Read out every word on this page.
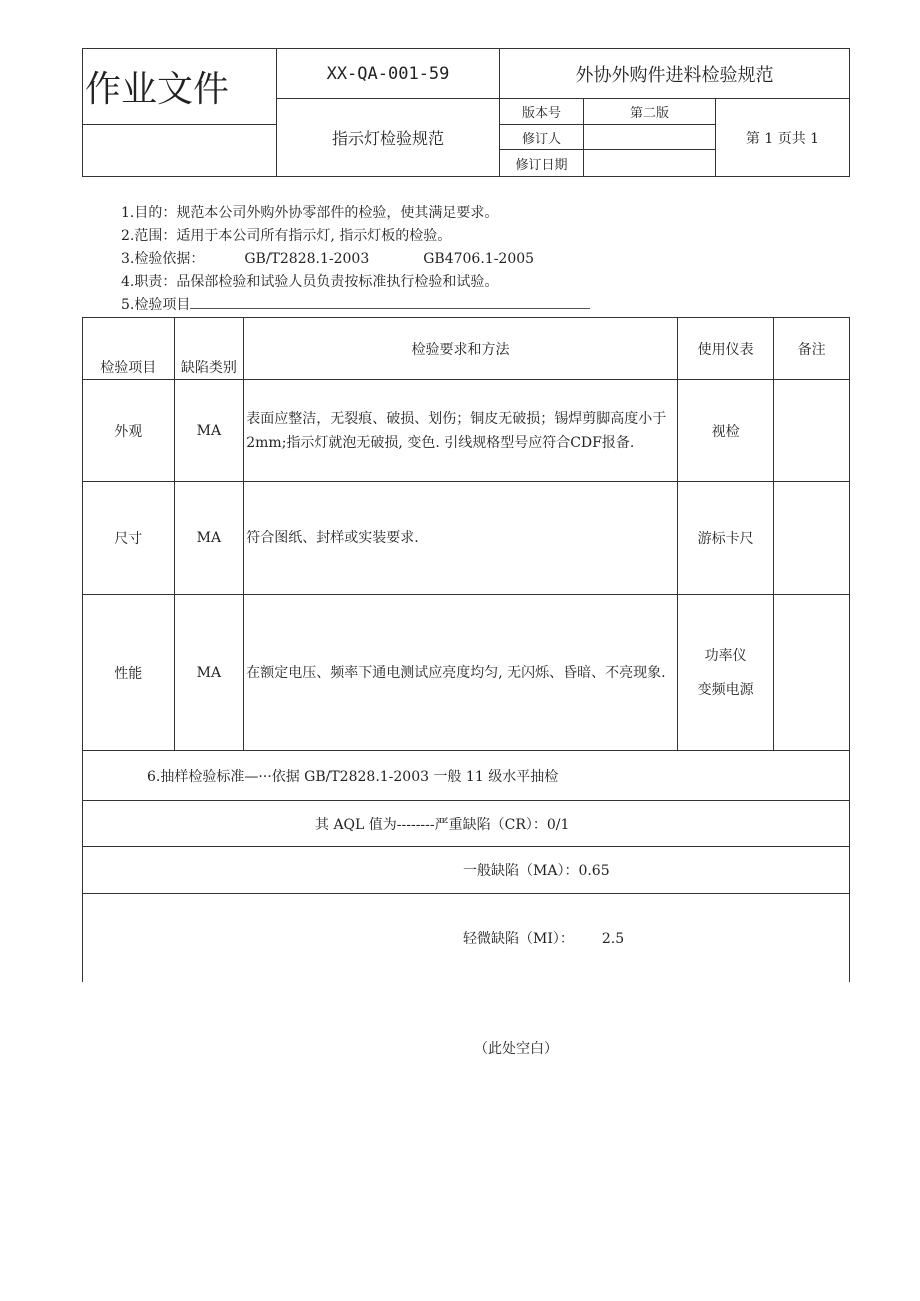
作业文件	XX-QA-001-59	外协外购件进料检验规范		
	指示灯检验规范	版本号	第二版	第 1 页共 1
		修订人		
		修订日期		
1.目的：规范本公司外购外协零部件的检验，使其满足要求。
2.范围：适用于本公司所有指示灯, 指示灯板的检验。
3.检验依据：	GB/T2828.1-2003	GB4706.1-2005
4.职责：品保部检验和试验人员负责按标准执行检验和试验。
5.检验项目
检验项目	缺陷类别	检验要求和方法	使用仪表	备注
外观	MA	表面应整洁，无裂痕、破损、划伤；铜皮无破损；锡焊剪脚高度小于2mm;指示灯就泡无破损, 变色. 引线规格型号应符合CDF报备.	视检	
尺寸	MA	符合图纸、封样或实装要求.	游标卡尺	
性能	MA	在额定电压、频率下通电测试应亮度均匀, 无闪烁、昏暗、不亮现象.	功率仪
变频电源	

6.抽样检验标准—···依据 GB/T2828.1-2003 一般 11 级水平抽检				
其 AQL 值为--------严重缺陷（CR）：0/1				
一般缺陷（MA）：0.65				
轻微缺陷（MI）： 2.5				
（此处空白）
